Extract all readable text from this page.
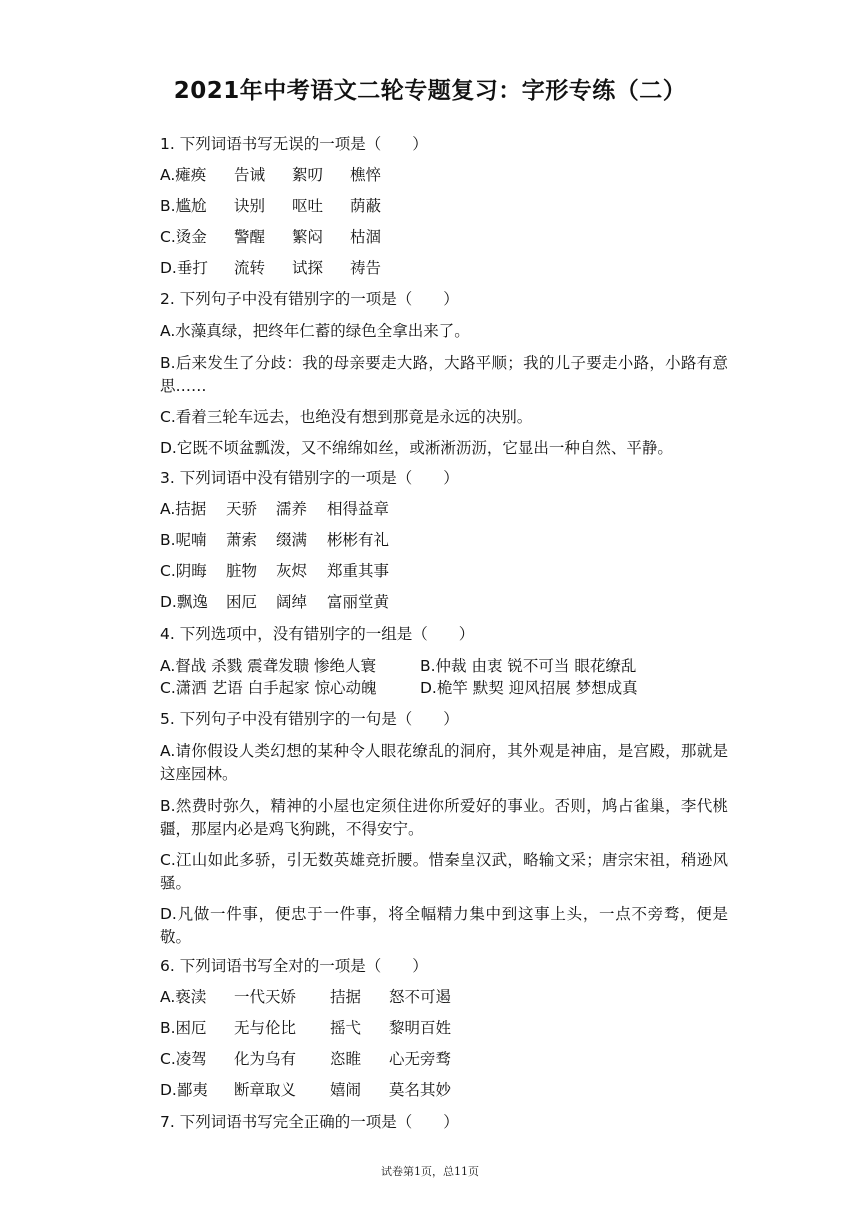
2021年中考语文二轮专题复习：字形专练（二）
1. 下列词语书写无误的一项是（　　）
A.瘫痪 告诫 絮叨 樵悴
B.尴尬 诀别 呕吐 荫蔽
C.烫金 警醒 繁闷 枯涸
D.垂打 流转 试探 祷告
2. 下列句子中没有错别字的一项是（　　）
A.水藻真绿，把终年仁蓄的绿色全拿出来了。
B.后来发生了分歧：我的母亲要走大路，大路平顺；我的儿子要走小路，小路有意思……
C.看着三轮车远去，也绝没有想到那竟是永远的决别。
D.它既不顷盆瓢泼，又不绵绵如丝，或淅淅沥沥，它显出一种自然、平静。
3. 下列词语中没有错别字的一项是（　　）
A.拮据 天骄 濡养 相得益章
B.呢喃 萧索 缀满 彬彬有礼
C.阴晦 脏物 灰烬 郑重其事
D.飘逸 困厄 阔绰 富丽堂黄
4. 下列选项中，没有错别字的一组是（　　）
A.督战 杀戮 震聋发聩 惨绝人寰	B.仲裁 由衷 锐不可当 眼花缭乱
C.潇洒 艺语 白手起家 惊心动魄	D.桅竿 默契 迎风招展 梦想成真
5. 下列句子中没有错别字的一句是（　　）
A.请你假设人类幻想的某种令人眼花缭乱的洞府，其外观是神庙，是宫殿，那就是这座园林。
B.然费时弥久，精神的小屋也定须住进你所爱好的事业。否则，鸠占雀巢，李代桃疆，那屋内必是鸡飞狗跳，不得安宁。
C.江山如此多骄，引无数英雄竞折腰。惜秦皇汉武，略输文采；唐宗宋祖，稍逊风骚。
D.凡做一件事，便忠于一件事，将全幅精力集中到这事上头，一点不旁骛，便是敬。
6. 下列词语书写全对的一项是（　　）
A.亵渎 一代天娇 拮据 怒不可遏
B.困厄 无与伦比 摇弋 黎明百姓
C.凌驾 化为乌有 恣睢 心无旁骛
D.鄙夷 断章取义 嬉闹 莫名其妙
7. 下列词语书写完全正确的一项是（　　）
试卷第1页，总11页
